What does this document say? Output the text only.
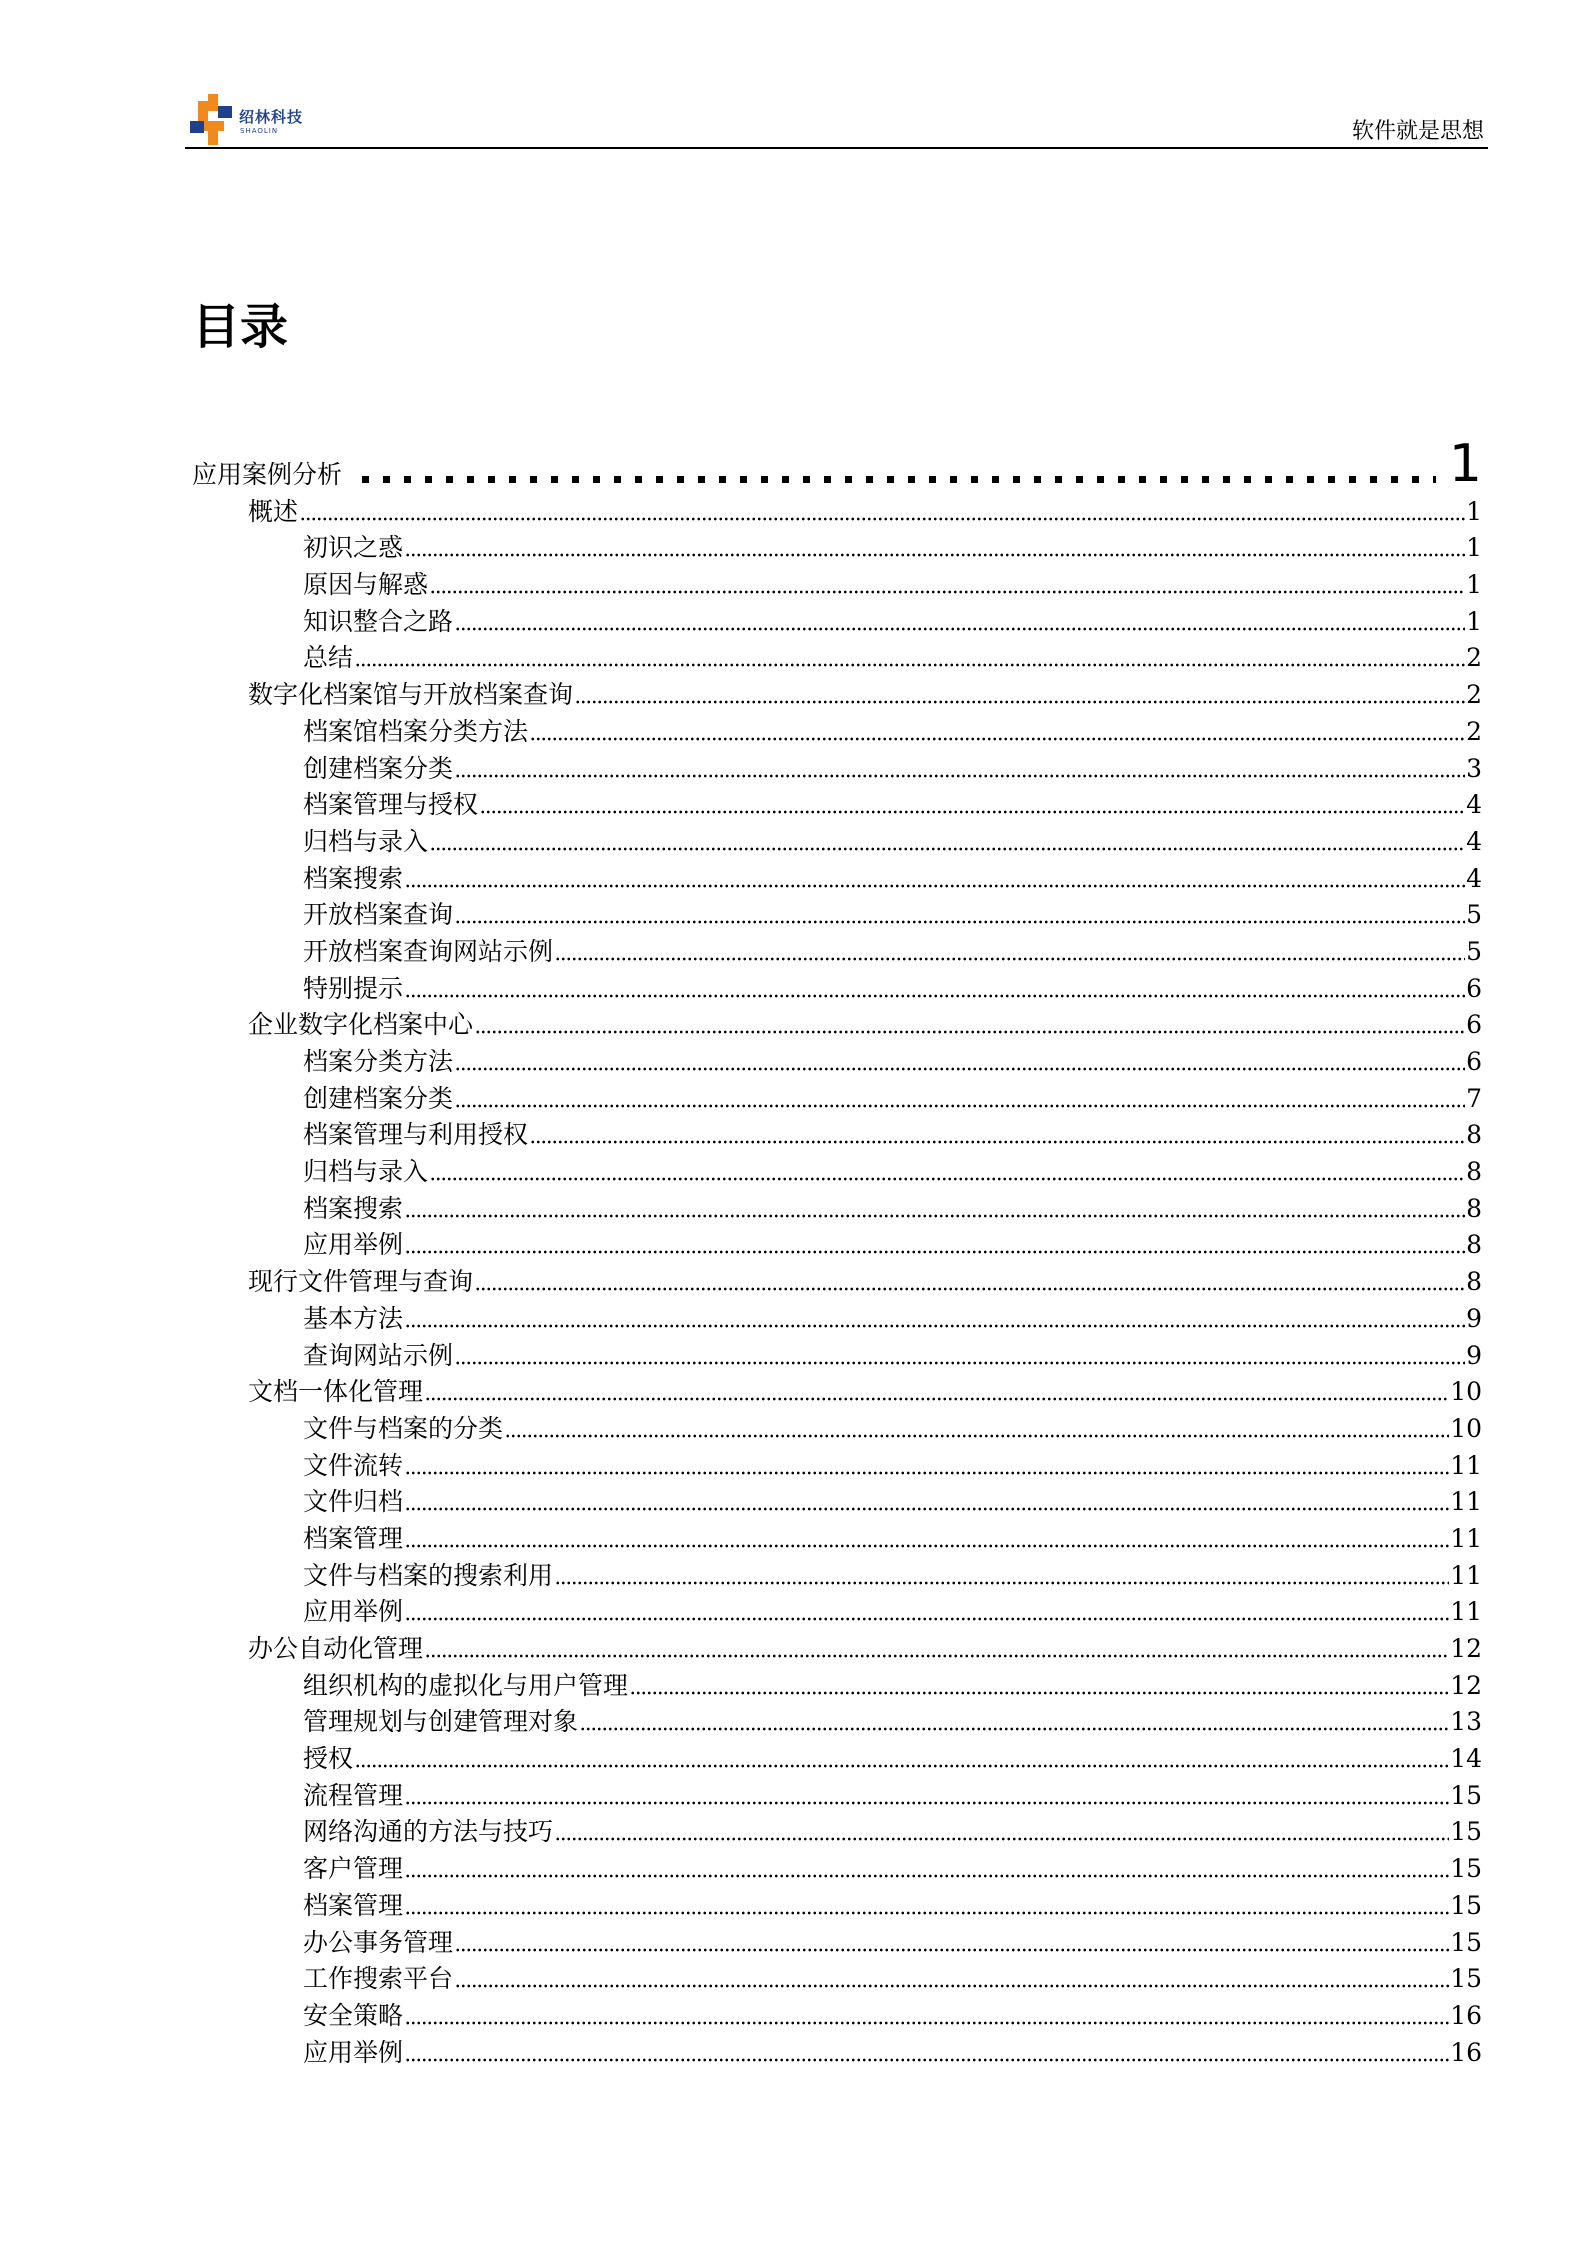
绍林科技
SHAOLIN	软件就是思想
目录
应用案例分析	1
概述	1
初识之惑	1
原因与解惑	1
知识整合之路	1
总结	2
数字化档案馆与开放档案查询	2
档案馆档案分类方法	2
创建档案分类	3
档案管理与授权	4
归档与录入	4
档案搜索	4
开放档案查询	5
开放档案查询网站示例	5
特别提示	6
企业数字化档案中心	6
档案分类方法	6
创建档案分类	7
档案管理与利用授权	8
归档与录入	8
档案搜索	8
应用举例	8
现行文件管理与查询	8
基本方法	9
查询网站示例	9
文档一体化管理	10
文件与档案的分类	10
文件流转	11
文件归档	11
档案管理	11
文件与档案的搜索利用	11
应用举例	11
办公自动化管理	12
组织机构的虚拟化与用户管理	12
管理规划与创建管理对象	13
授权	14
流程管理	15
网络沟通的方法与技巧	15
客户管理	15
档案管理	15
办公事务管理	15
工作搜索平台	15
安全策略	16
应用举例	16
